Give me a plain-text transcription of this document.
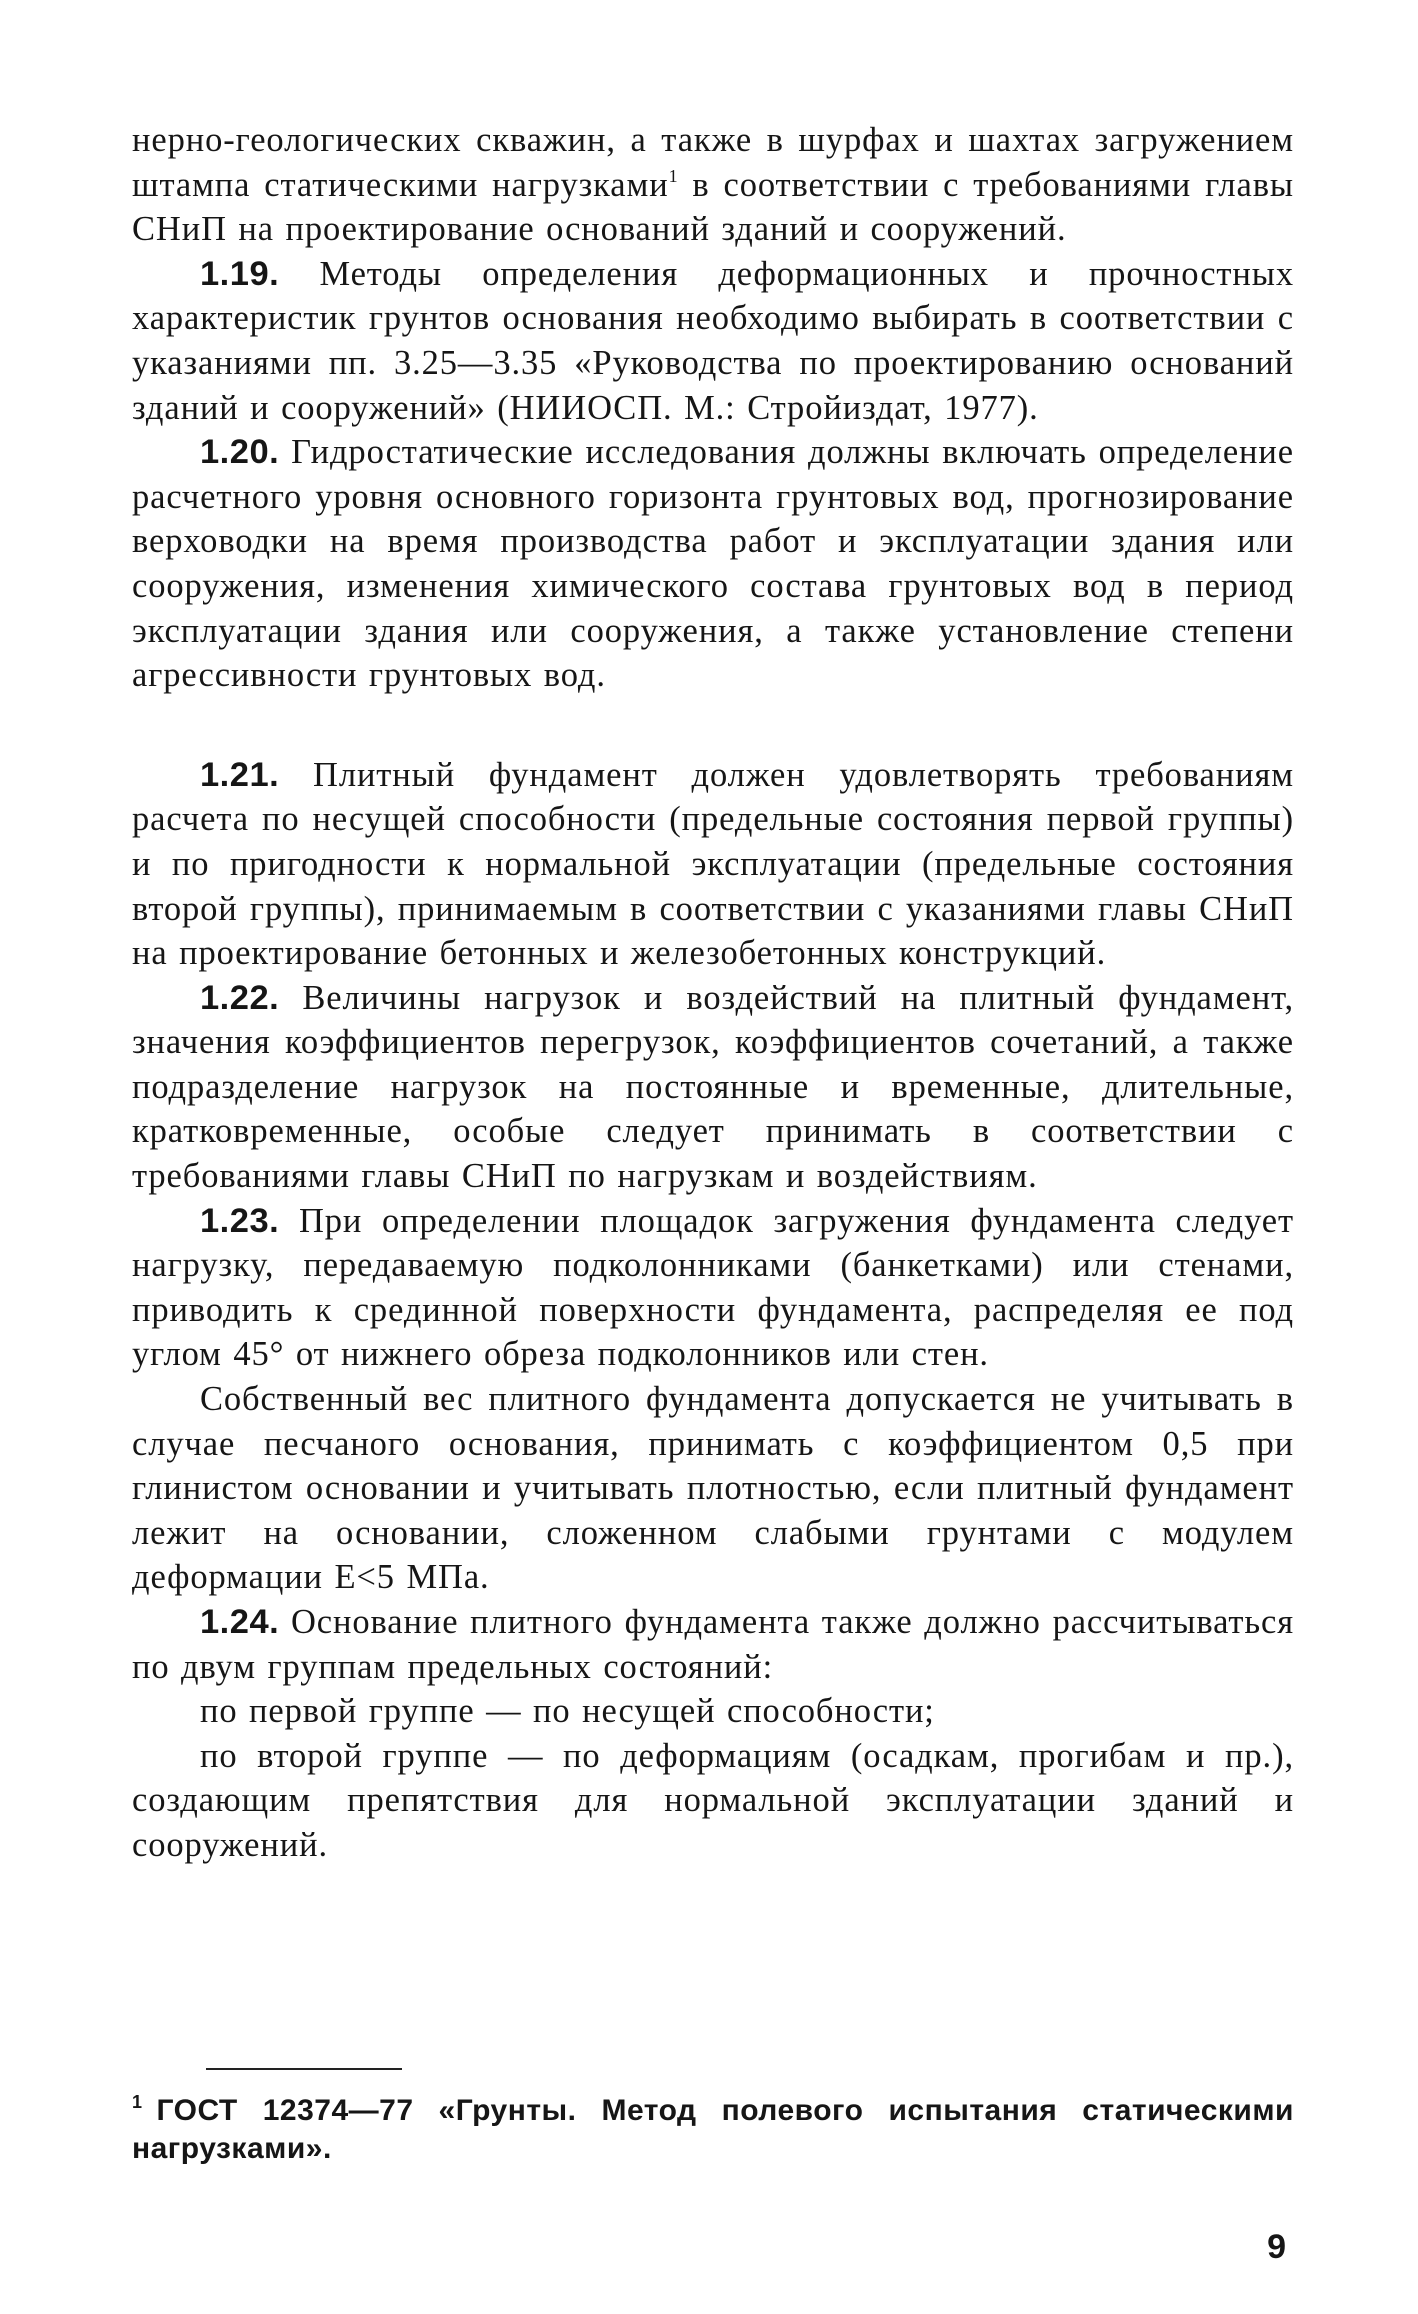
нерно-геологических скважин, а также в шурфах и шахтах загружением штампа статическими нагрузками$^1$ в соответствии с требованиями главы СНиП на проектирование оснований зданий и сооружений.

1.19. Методы определения деформационных и прочностных характеристик грунтов основания необходимо выбирать в соответствии с указаниями пп. 3.25—3.35 «Руководства по проектированию оснований зданий и сооружений» (НИИОСП. М.: Стройиздат, 1977).

1.20. Гидростатические исследования должны включать определение расчетного уровня основного горизонта грунтовых вод, прогнозирование верховодки на время производства работ и эксплуатации здания или сооружения, изменения химического состава грунтовых вод в период эксплуатации здания или сооружения, а также установление степени агрессивности грунтовых вод.

1.21. Плитный фундамент должен удовлетворять требованиям расчета по несущей способности (предельные состояния первой группы) и по пригодности к нормальной эксплуатации (предельные состояния второй группы), принимаемым в соответствии с указаниями главы СНиП на проектирование бетонных и железобетонных конструкций.

1.22. Величины нагрузок и воздействий на плитный фундамент, значения коэффициентов перегрузок, коэффициентов сочетаний, а также подразделение нагрузок на постоянные и временные, длительные, кратковременные, особые следует принимать в соответствии с требованиями главы СНиП по нагрузкам и воздействиям.

1.23. При определении площадок загружения фундамента следует нагрузку, передаваемую подколонниками (банкетками) или стенами, приводить к срединной поверхности фундамента, распределяя ее под углом 45° от нижнего обреза подколонников или стен.

Собственный вес плитного фундамента допускается не учитывать в случае песчаного основания, принимать с коэффициентом 0,5 при глинистом основании и учитывать плотностью, если плитный фундамент лежит на основании, сложенном слабыми грунтами с модулем деформации E<5 МПа.

1.24. Основание плитного фундамента также должно рассчитываться по двум группам предельных состояний:

по первой группе — по несущей способности;

по второй группе — по деформациям (осадкам, прогибам и пр.), создающим препятствия для нормальной эксплуатации зданий и сооружений.

$^1$ ГОСТ 12374—77 «Грунты. Метод полевого испытания статическими нагрузками».
9
